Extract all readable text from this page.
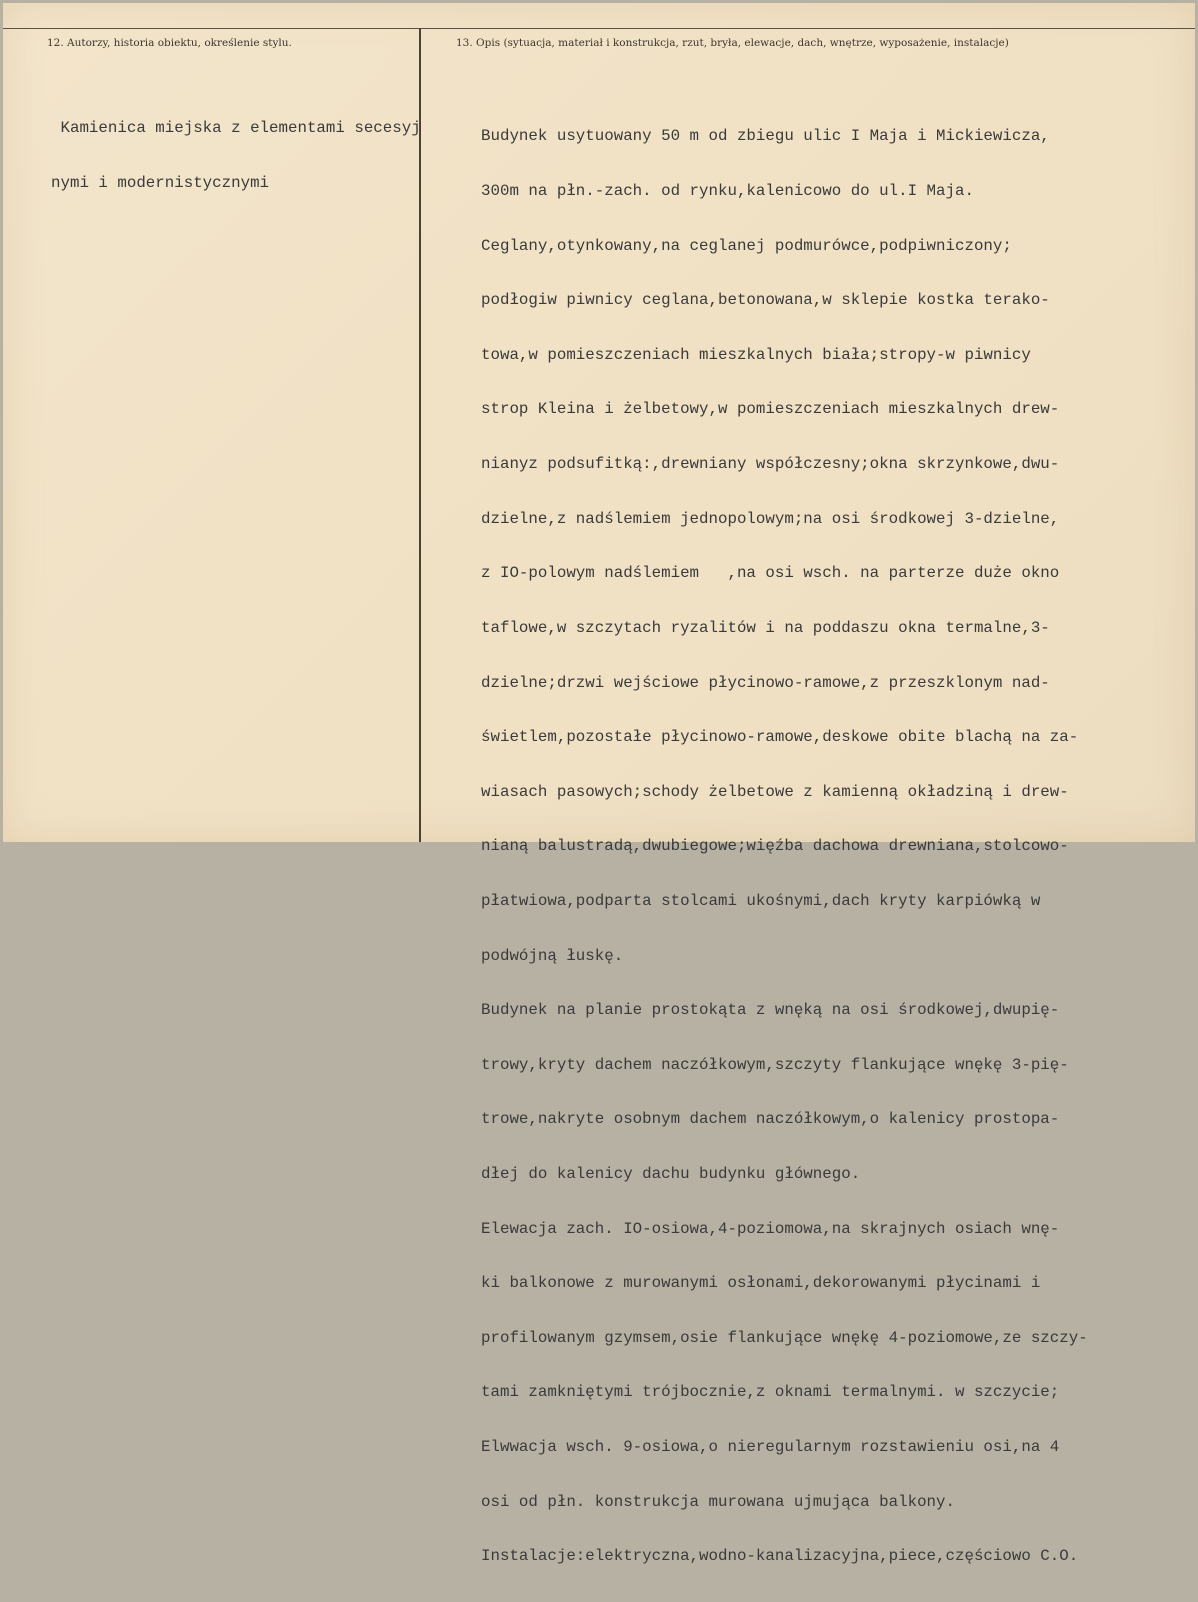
12. Autorzy, historia obiektu, określenie stylu.	13. Opis (sytuacja, materiał i konstrukcja, rzut, bryła, elewacje, dach, wnętrze, wyposażenie, instalacje)

Kamienica miejska z elementami secesyj

nymi i modernistycznymi

Budynek usytuowany 50 m od zbiegu ulic I Maja i Mickiewicza,

300m na płn.-zach. od rynku,kalenicowo do ul.I Maja.

Ceglany,otynkowany,na ceglanej podmurówce,podpiwniczony;

podłogiw piwnicy ceglana,betonowana,w sklepie kostka terako-

towa,w pomieszczeniach mieszkalnych biała;stropy-w piwnicy

strop Kleina i żelbetowy,w pomieszczeniach mieszkalnych drew-

nianyz podsufitką:,drewniany współczesny;okna skrzynkowe,dwu-

dzielne,z nadślemiem jednopolowym;na osi środkowej 3-dzielne,

z IO-polowym nadślemiem   ,na osi wsch. na parterze duże okno

taflowe,w szczytach ryzalitów i na poddaszu okna termalne,3-

dzielne;drzwi wejściowe płycinowo-ramowe,z przeszklonym nad-

świetlem,pozostałe płycinowo-ramowe,deskowe obite blachą na za-

wiasach pasowych;schody żelbetowe z kamienną okładziną i drew-

nianą balustradą,dwubiegowe;więźba dachowa drewniana,stolcowo-

płatwiowa,podparta stolcami ukośnymi,dach kryty karpiówką w

podwójną łuskę.

Budynek na planie prostokąta z wnęką na osi środkowej,dwupię-

trowy,kryty dachem naczółkowym,szczyty flankujące wnękę 3-pię-

trowe,nakryte osobnym dachem naczółkowym,o kalenicy prostopa-

dłej do kalenicy dachu budynku głównego.

Elewacja zach. IO-osiowa,4-poziomowa,na skrajnych osiach wnę-

ki balkonowe z murowanymi osłonami,dekorowanymi płycinami i

profilowanym gzymsem,osie flankujące wnękę 4-poziomowe,ze szczy-

tami zamkniętymi trójbocznie,z oknami termalnymi. w szczycie;

Elwwacja wsch. 9-osiowa,o nieregularnym rozstawieniu osi,na 4

osi od płn. konstrukcja murowana ujmująca balkony.

Instalacje:elektryczna,wodno-kanalizacyjna,piece,częściowo C.O.
